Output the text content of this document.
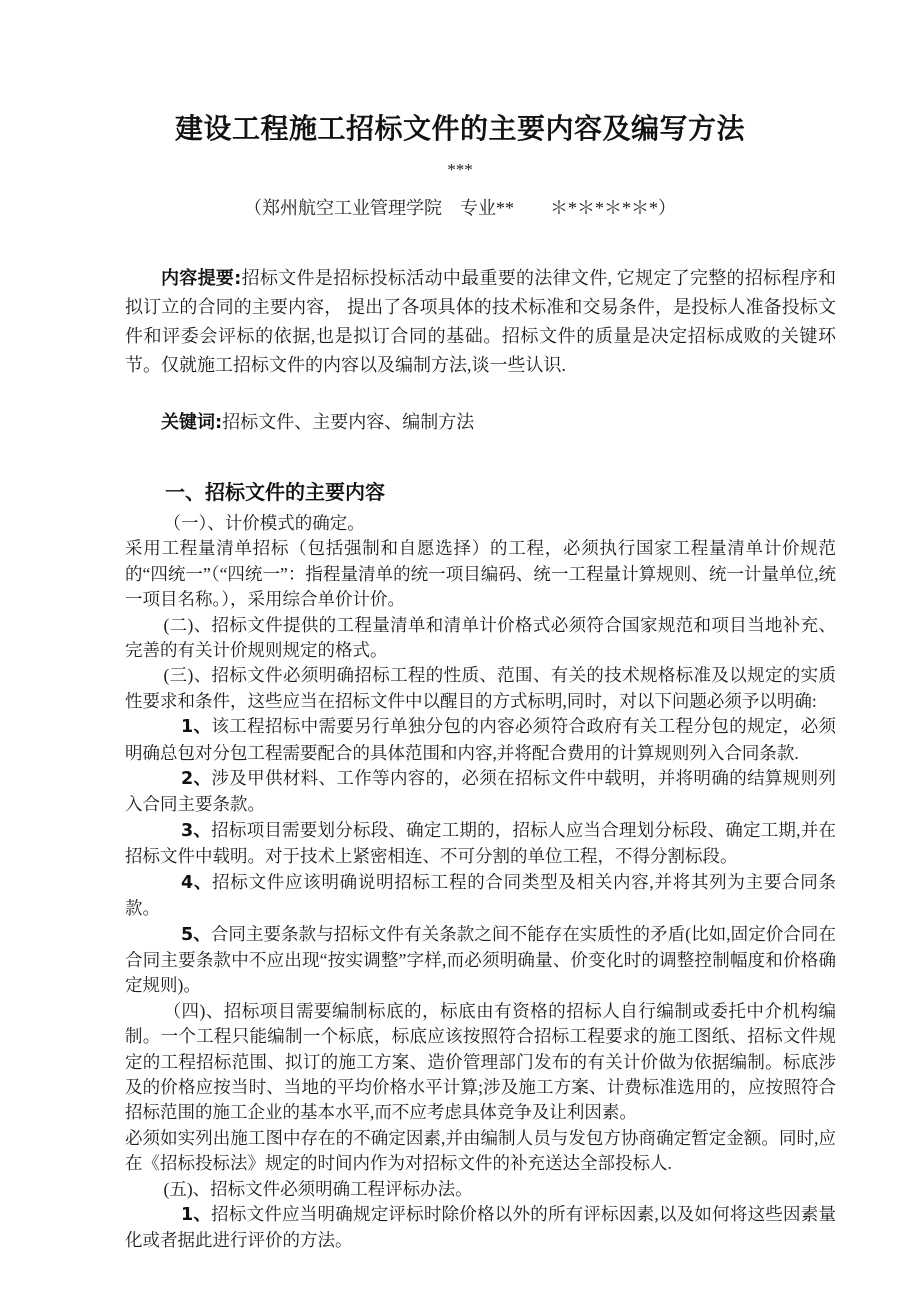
建设工程施工招标文件的主要内容及编写方法
***
（郑州航空工业管理学院　专业**　　＊*＊*＊*＊*）

内容提要:招标文件是招标投标活动中最重要的法律文件, 它规定了完整的招标程序和拟订立的合同的主要内容， 提出了各项具体的技术标准和交易条件，是投标人准备投标文件和评委会评标的依据,也是拟订合同的基础。招标文件的质量是决定招标成败的关键环节。仅就施工招标文件的内容以及编制方法,谈一些认识.

关键词:招标文件、主要内容、编制方法

一、招标文件的主要内容

（一）、计价模式的确定。

采用工程量清单招标（包括强制和自愿选择）的工程，必须执行国家工程量清单计价规范的“四统一”（“四统一”：指程量清单的统一项目编码、统一工程量计算规则、统一计量单位,统一项目名称。），采用综合单价计价。

(二)、招标文件提供的工程量清单和清单计价格式必须符合国家规范和项目当地补充、完善的有关计价规则规定的格式。

(三)、招标文件必须明确招标工程的性质、范围、有关的技术规格标准及以规定的实质性要求和条件，这些应当在招标文件中以醒目的方式标明,同时，对以下问题必须予以明确:

1、该工程招标中需要另行单独分包的内容必须符合政府有关工程分包的规定，必须明确总包对分包工程需要配合的具体范围和内容,并将配合费用的计算规则列入合同条款.

2、涉及甲供材料、工作等内容的，必须在招标文件中载明，并将明确的结算规则列入合同主要条款。

3、招标项目需要划分标段、确定工期的，招标人应当合理划分标段、确定工期,并在招标文件中载明。对于技术上紧密相连、不可分割的单位工程，不得分割标段。

4、招标文件应该明确说明招标工程的合同类型及相关内容,并将其列为主要合同条款。

5、合同主要条款与招标文件有关条款之间不能存在实质性的矛盾(比如,固定价合同在合同主要条款中不应出现“按实调整”字样,而必须明确量、价变化时的调整控制幅度和价格确定规则)。

（四)、招标项目需要编制标底的，标底由有资格的招标人自行编制或委托中介机构编制。一个工程只能编制一个标底，标底应该按照符合招标工程要求的施工图纸、招标文件规定的工程招标范围、拟订的施工方案、造价管理部门发布的有关计价做为依据编制。标底涉及的价格应按当时、当地的平均价格水平计算;涉及施工方案、计费标准选用的，应按照符合招标范围的施工企业的基本水平,而不应考虑具体竞争及让利因素。

必须如实列出施工图中存在的不确定因素,并由编制人员与发包方协商确定暂定金额。同时,应在《招标投标法》规定的时间内作为对招标文件的补充送达全部投标人.

(五)、招标文件必须明确工程评标办法。

1、招标文件应当明确规定评标时除价格以外的所有评标因素,以及如何将这些因素量化或者据此进行评价的方法。
